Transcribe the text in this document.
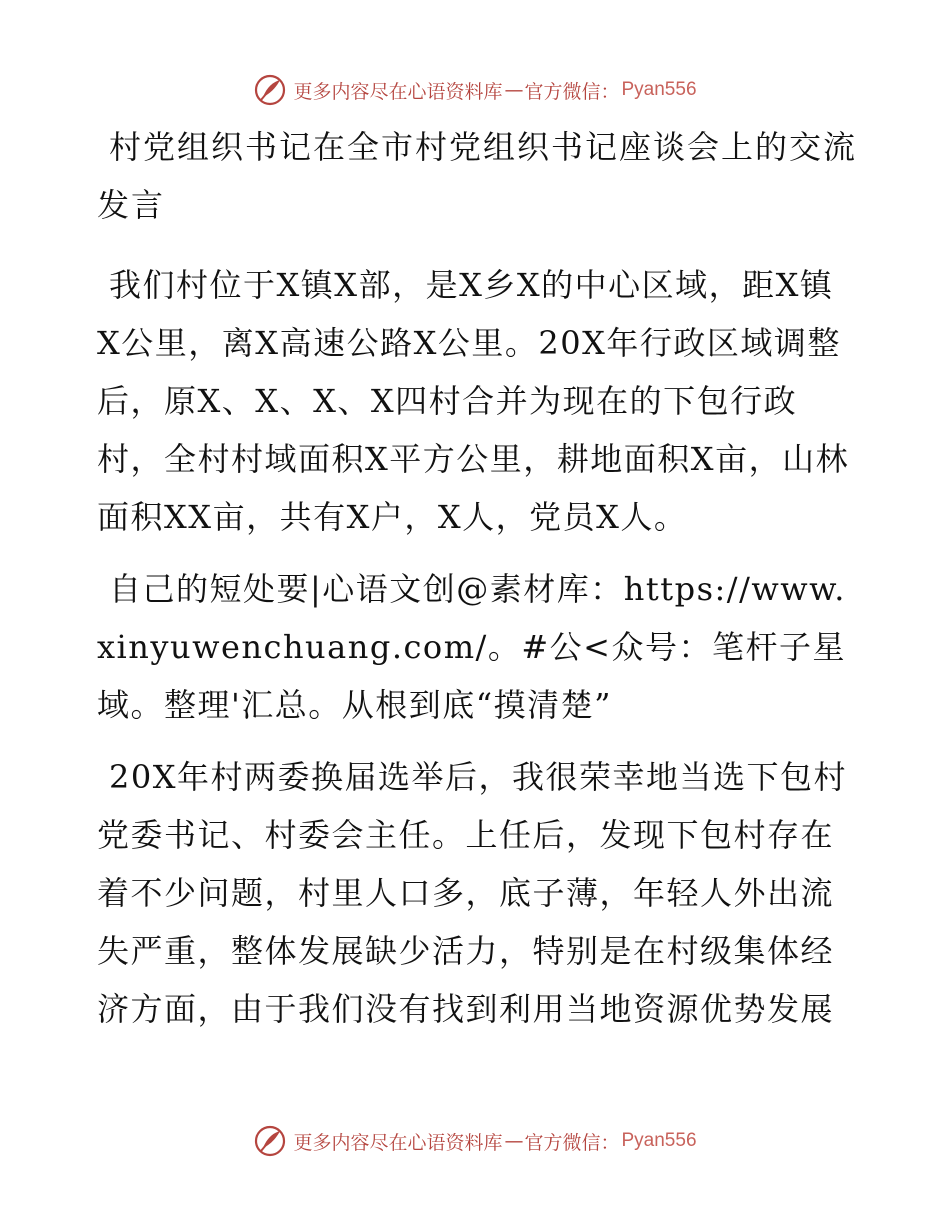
更多内容尽在心语资料库 — 官方微信： Pyan556

村党组织书记在全市村党组织书记座谈会上的交流发言

我们村位于X镇X部，是X乡X的中心区域，距X镇X公里，离X高速公路X公里。20X年行政区域调整后，原X、X、X、X四村合并为现在的下包行政村，全村村域面积X平方公里，耕地面积X亩，山林面积XX亩，共有X户，X人，党员X人。

自己的短处要|心语文创@素材库：https://www.xinyuwenchuang.com/。#公<众号：笔杆子星域。整理'汇总。从根到底“摸清楚”

20X年村两委换届选举后，我很荣幸地当选下包村党委书记、村委会主任。上任后，发现下包村存在着不少问题，村里人口多，底子薄，年轻人外出流失严重，整体发展缺少活力，特别是在村级集体经济方面，由于我们没有找到利用当地资源优势发展

更多内容尽在心语资料库 — 官方微信： Pyan556
